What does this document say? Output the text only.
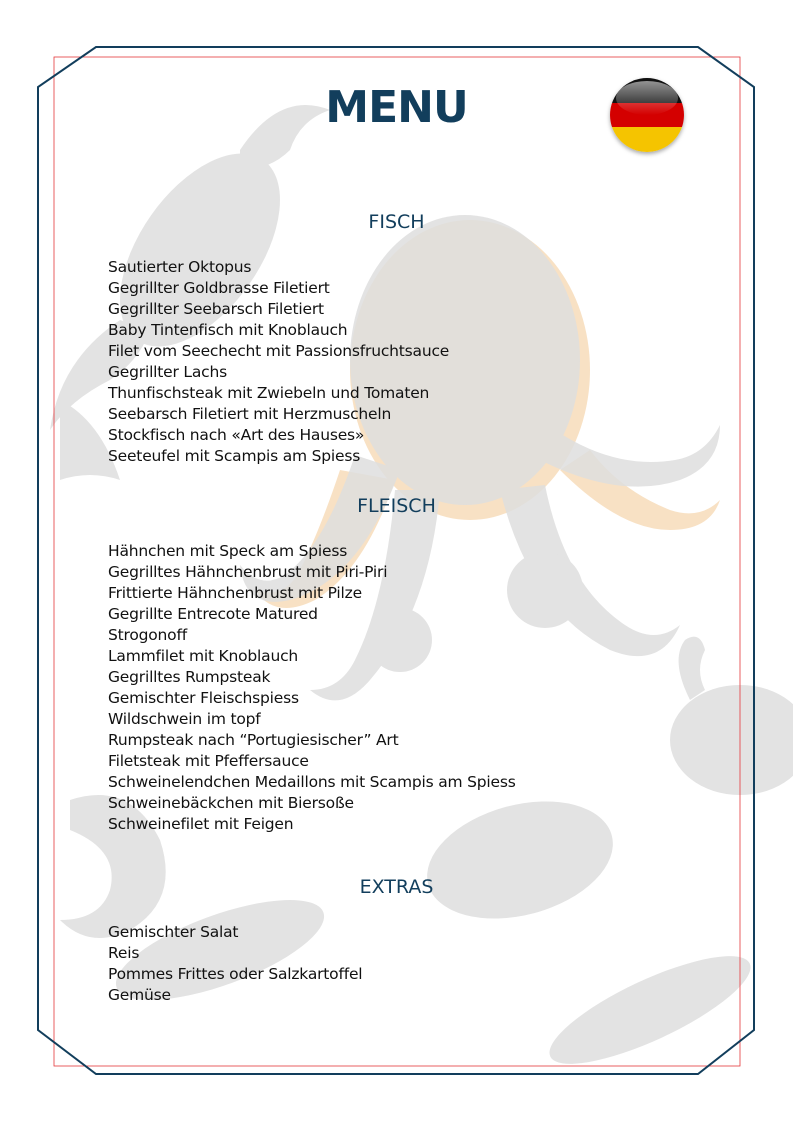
MENU
FISCH
Sautierter Oktopus
Gegrillter Goldbrasse Filetiert
Gegrillter Seebarsch Filetiert
Baby Tintenfisch mit Knoblauch
Filet vom Seechecht mit Passionsfruchtsauce
Gegrillter Lachs
Thunfischsteak mit Zwiebeln und Tomaten
Seebarsch Filetiert mit Herzmuscheln
Stockfisch nach «Art des Hauses»
Seeteufel mit Scampis am Spiess
FLEISCH
Hähnchen mit Speck am Spiess
Gegrilltes Hähnchenbrust mit Piri-Piri
Frittierte Hähnchenbrust mit Pilze
Gegrillte Entrecote Matured
Strogonoff
Lammfilet mit Knoblauch
Gegrilltes Rumpsteak
Gemischter Fleischspiess
Wildschwein im topf
Rumpsteak nach “Portugiesischer” Art
Filetsteak mit Pfeffersauce
Schweinelendchen Medaillons mit Scampis am Spiess
Schweinebäckchen mit Biersoße
Schweinefilet mit Feigen
EXTRAS
Gemischter Salat
Reis
Pommes Frittes oder Salzkartoffel
Gemüse
